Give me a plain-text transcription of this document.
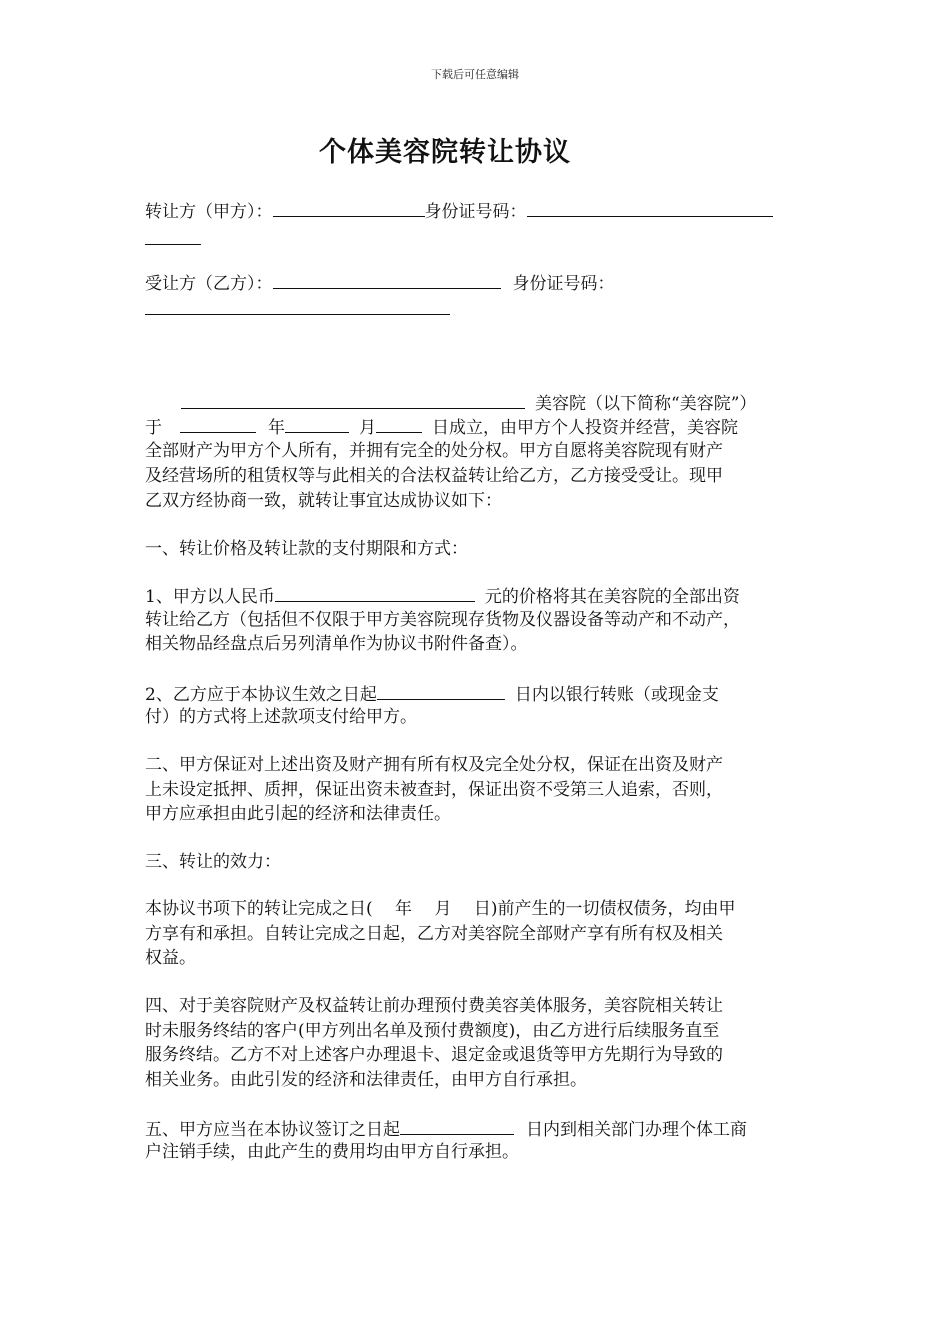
下载后可任意编辑
个体美容院转让协议
转让方（甲方）：	身份证号码：
受让方（乙方）：	身份证号码：
美容院（以下简称“美容院”）
于	年	月	日成立，由甲方个人投资并经营，美容院
全部财产为甲方个人所有，并拥有完全的处分权。甲方自愿将美容院现有财产
及经营场所的租赁权等与此相关的合法权益转让给乙方，乙方接受受让。现甲
乙双方经协商一致，就转让事宜达成协议如下：
一、转让价格及转让款的支付期限和方式：
1、甲方以人民币	元的价格将其在美容院的全部出资
转让给乙方（包括但不仅限于甲方美容院现存货物及仪器设备等动产和不动产，
相关物品经盘点后另列清单作为协议书附件备查）。
2、乙方应于本协议生效之日起	日内以银行转账（或现金支
付）的方式将上述款项支付给甲方。
二、甲方保证对上述出资及财产拥有所有权及完全处分权，保证在出资及财产
上未设定抵押、质押，保证出资未被查封，保证出资不受第三人追索，否则，
甲方应承担由此引起的经济和法律责任。
三、转让的效力：
本协议书项下的转让完成之日(　 年　 月　 日)前产生的一切债权债务，均由甲
方享有和承担。自转让完成之日起，乙方对美容院全部财产享有所有权及相关
权益。
四、对于美容院财产及权益转让前办理预付费美容美体服务，美容院相关转让
时未服务终结的客户(甲方列出名单及预付费额度)，由乙方进行后续服务直至
服务终结。乙方不对上述客户办理退卡、退定金或退货等甲方先期行为导致的
相关业务。由此引发的经济和法律责任，由甲方自行承担。
五、甲方应当在本协议签订之日起	日内到相关部门办理个体工商
户注销手续，由此产生的费用均由甲方自行承担。
